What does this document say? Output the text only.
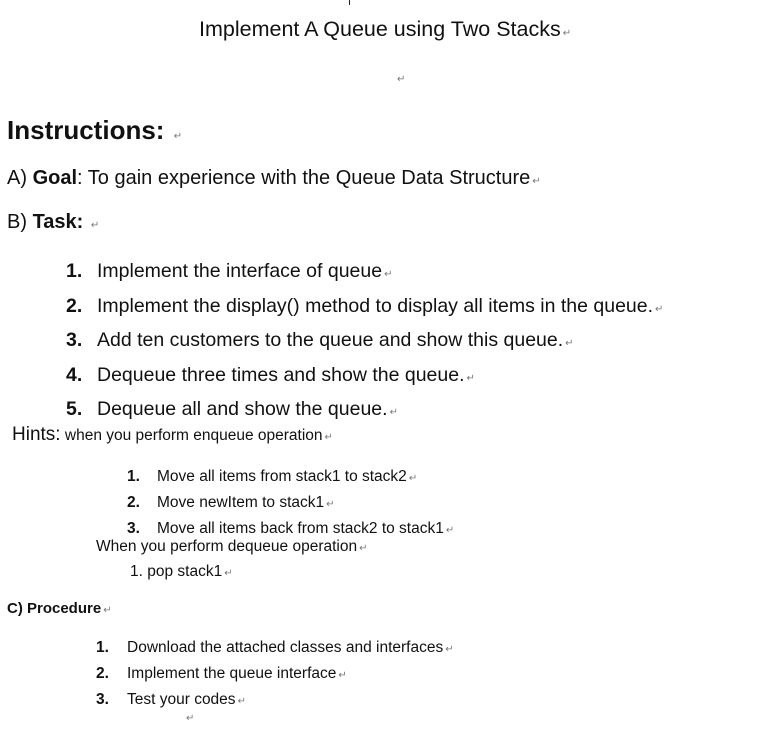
Implement A Queue using Two Stacks ↵
↵
Instructions: ↵
A) Goal: To gain experience with the Queue Data Structure ↵
B) Task: ↵
1. Implement the interface of queue ↵
2. Implement the display() method to display all items in the queue. ↵
3. Add ten customers to the queue and show this queue. ↵
4. Dequeue three times and show the queue. ↵
5. Dequeue all and show the queue. ↵
Hints: when you perform enqueue operation ↵
1. Move all items from stack1 to stack2 ↵
2. Move newItem to stack1 ↵
3. Move all items back from stack2 to stack1 ↵
When you perform dequeue operation ↵
1. pop stack1 ↵
C) Procedure ↵
1. Download the attached classes and interfaces ↵
2. Implement the queue interface ↵
3. Test your codes ↵
↵
